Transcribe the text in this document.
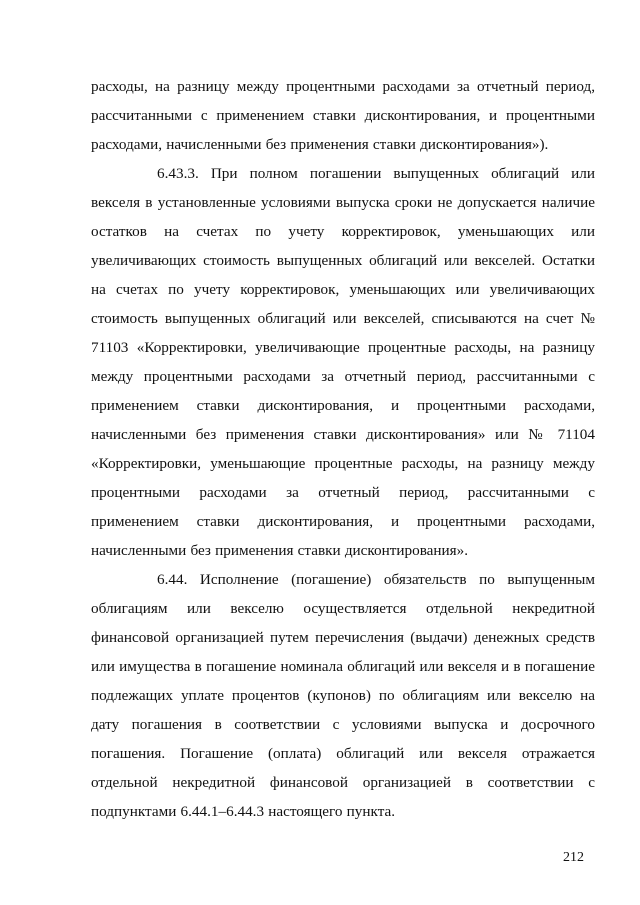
расходы, на разницу между процентными расходами за отчетный период, рассчитанными с применением ставки дисконтирования, и процентными расходами, начисленными без применения ставки дисконтирования»).

6.43.3. При полном погашении выпущенных облигаций или векселя в установленные условиями выпуска сроки не допускается наличие остатков на счетах по учету корректировок, уменьшающих или увеличивающих стоимость выпущенных облигаций или векселей. Остатки на счетах по учету корректировок, уменьшающих или увеличивающих стоимость выпущенных облигаций или векселей, списываются на счет № 71103 «Корректировки, увеличивающие процентные расходы, на разницу между процентными расходами за отчетный период, рассчитанными с применением ставки дисконтирования, и процентными расходами, начисленными без применения ставки дисконтирования» или № 71104 «Корректировки, уменьшающие процентные расходы, на разницу между процентными расходами за отчетный период, рассчитанными с применением ставки дисконтирования, и процентными расходами, начисленными без применения ставки дисконтирования».

6.44. Исполнение (погашение) обязательств по выпущенным облигациям или векселю осуществляется отдельной некредитной финансовой организацией путем перечисления (выдачи) денежных средств или имущества в погашение номинала облигаций или векселя и в погашение подлежащих уплате процентов (купонов) по облигациям или векселю на дату погашения в соответствии с условиями выпуска и досрочного погашения. Погашение (оплата) облигаций или векселя отражается отдельной некредитной финансовой организацией в соответствии с подпунктами 6.44.1–6.44.3 настоящего пункта.

212
